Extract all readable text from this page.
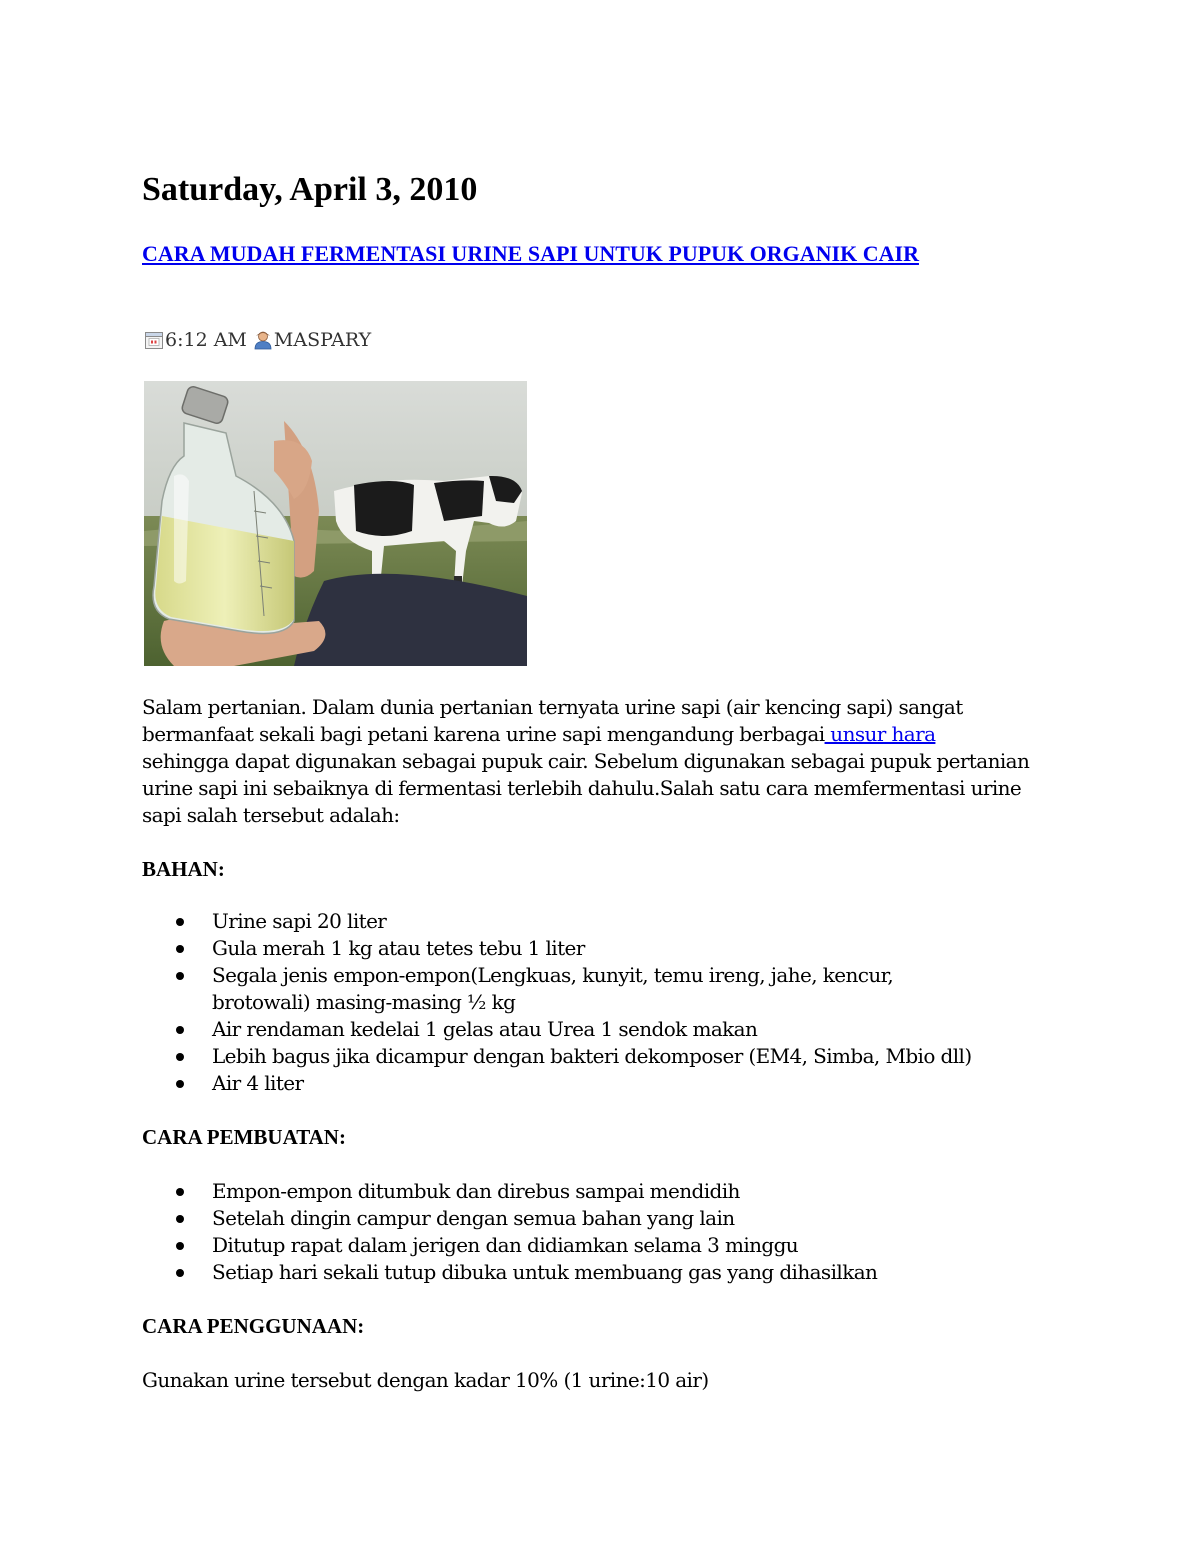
Saturday, April 3, 2010
CARA MUDAH FERMENTASI URINE SAPI UNTUK PUPUK ORGANIK CAIR
6:12 AM MASPARY

Salam pertanian. Dalam dunia pertanian ternyata urine sapi (air kencing sapi) sangat bermanfaat sekali bagi petani karena urine sapi mengandung berbagai unsur hara
sehingga dapat digunakan sebagai pupuk cair. Sebelum digunakan sebagai pupuk pertanian urine sapi ini sebaiknya di fermentasi terlebih dahulu.Salah satu cara memfermentasi urine sapi salah tersebut adalah:

BAHAN:
Urine sapi 20 liter
Gula merah 1 kg atau tetes tebu 1 liter
Segala jenis empon-empon(Lengkuas, kunyit, temu ireng, jahe, kencur, brotowali) masing-masing ½ kg
Air rendaman kedelai 1 gelas atau Urea 1 sendok makan
Lebih bagus jika dicampur dengan bakteri dekomposer (EM4, Simba, Mbio dll)
Air 4 liter
CARA PEMBUATAN:
Empon-empon ditumbuk dan direbus sampai mendidih
Setelah dingin campur dengan semua bahan yang lain
Ditutup rapat dalam jerigen dan didiamkan selama 3 minggu
Setiap hari sekali tutup dibuka untuk membuang gas yang dihasilkan
CARA PENGGUNAAN:

Gunakan urine tersebut dengan kadar 10% (1 urine:10 air)
